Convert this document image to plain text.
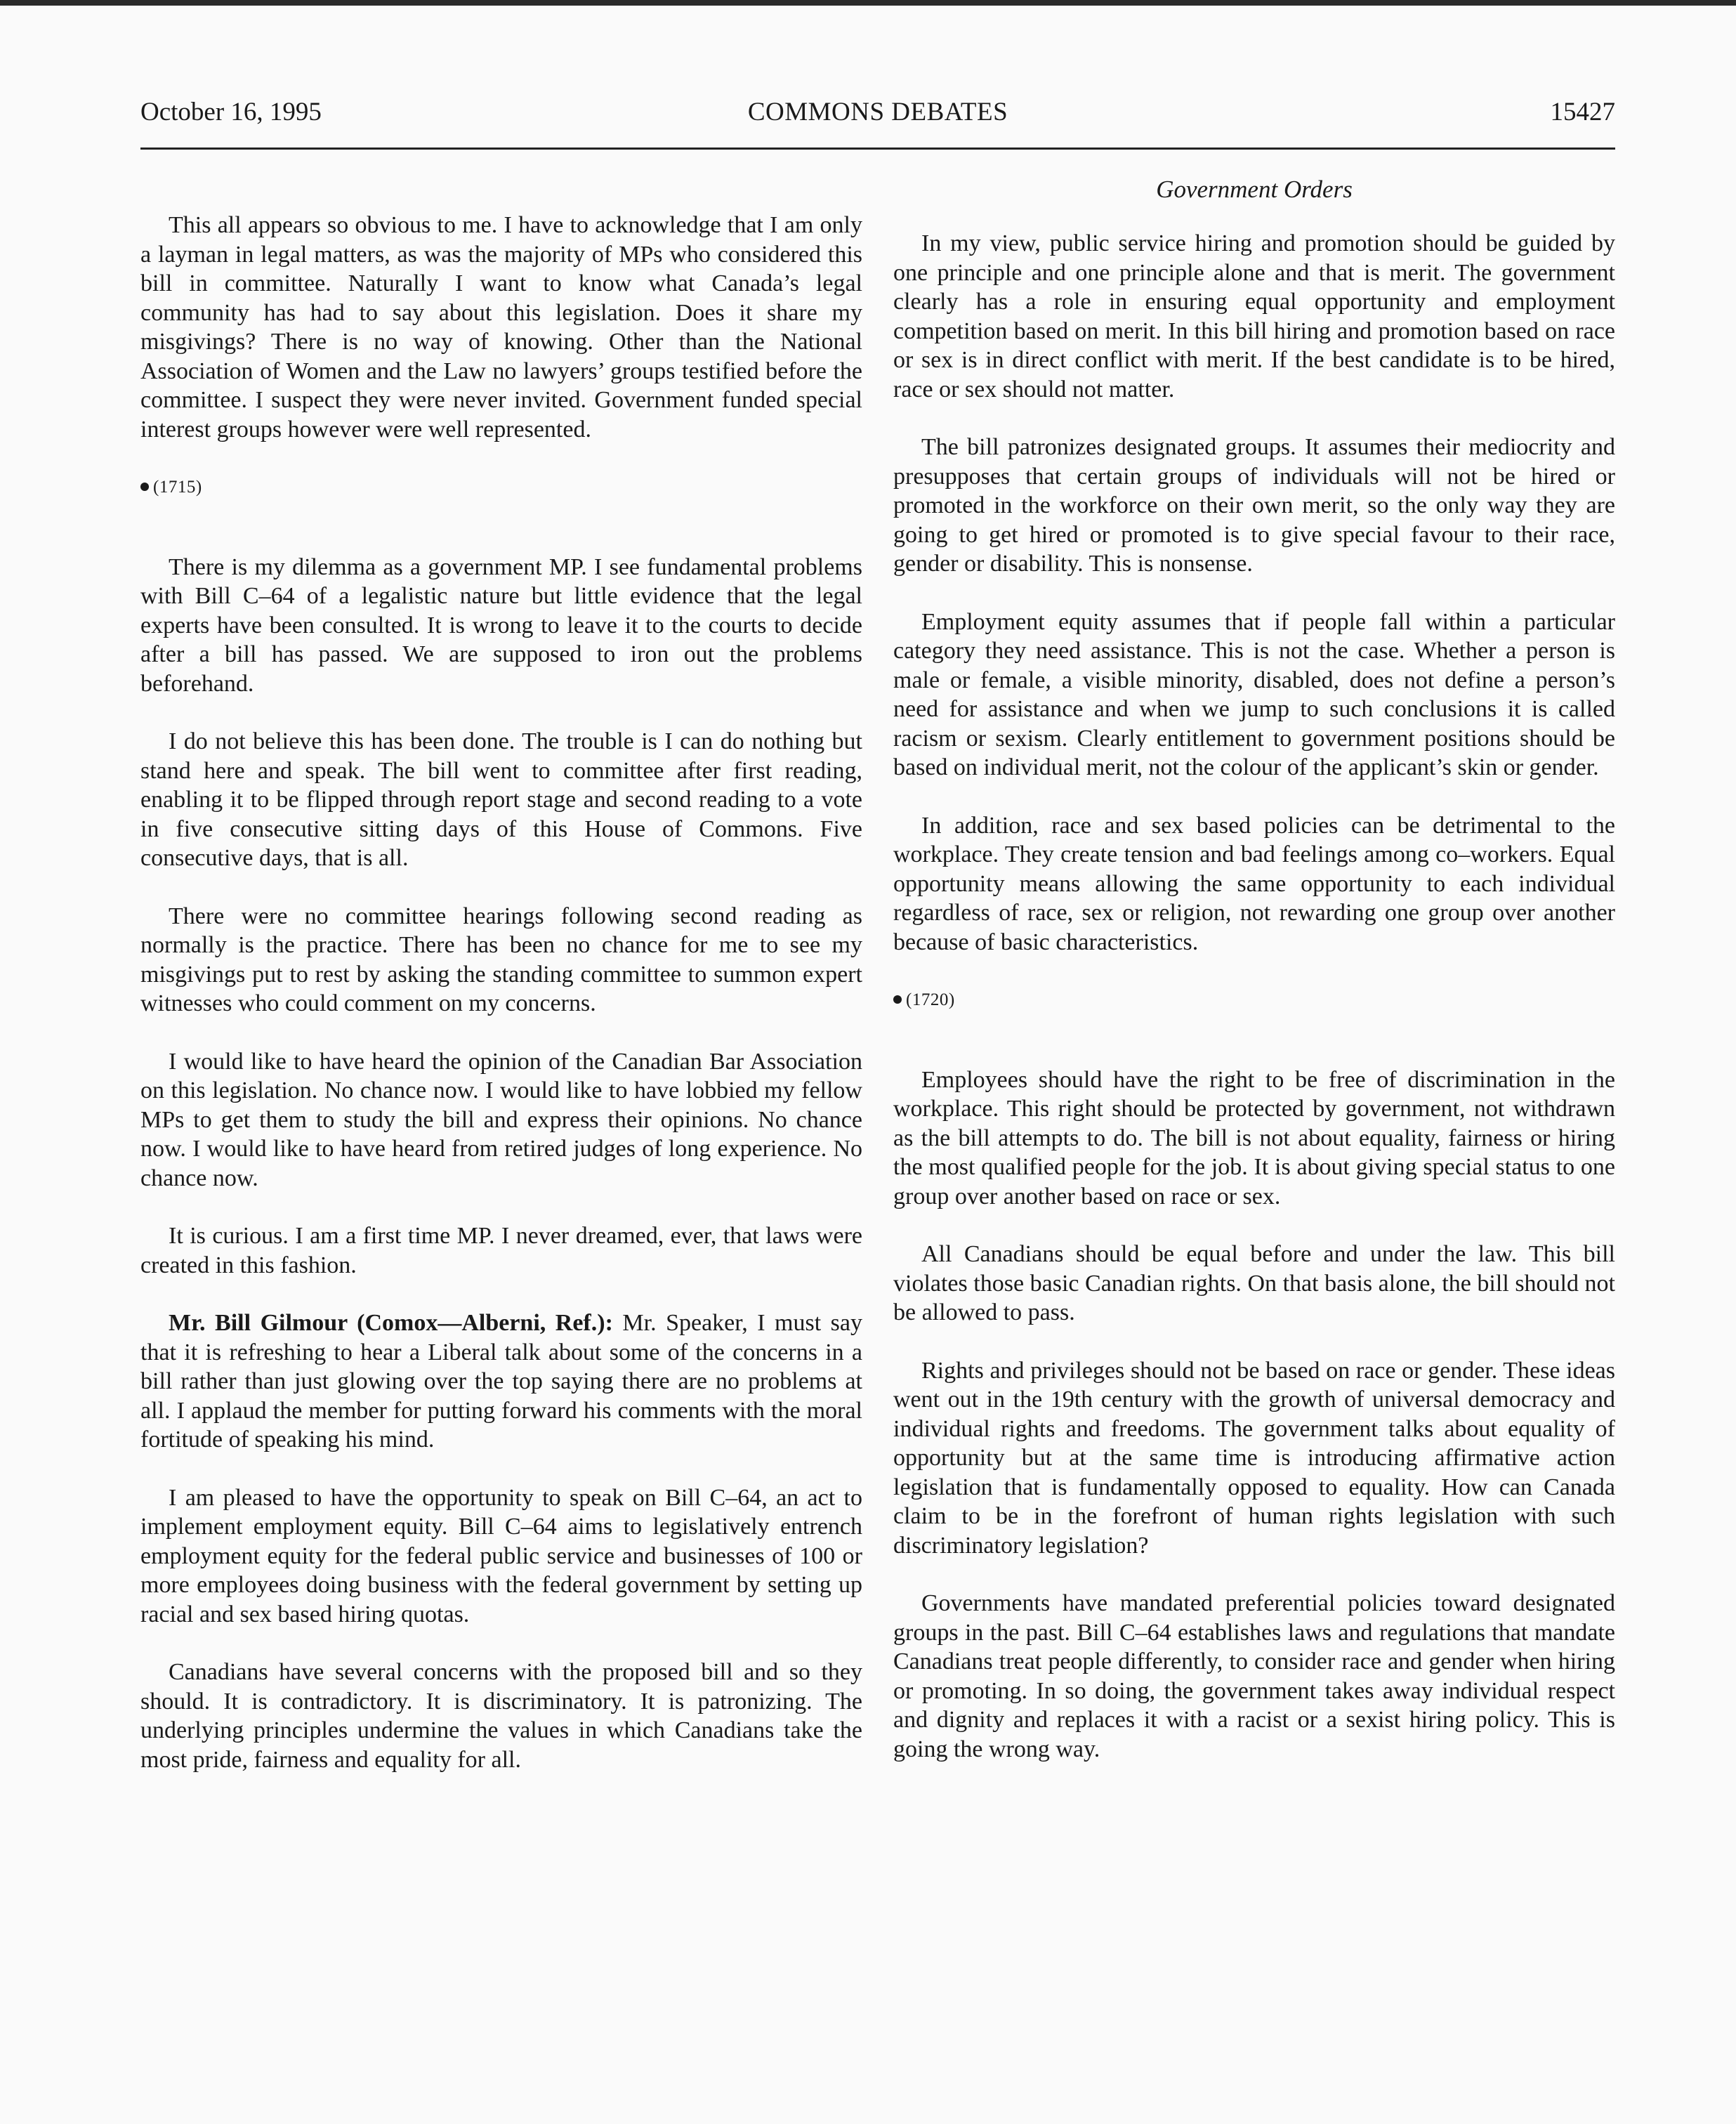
COMMONS DEBATES
October 16, 1995	15427
Government Orders

This all appears so obvious to me. I have to acknowledge that I am only a layman in legal matters, as was the majority of MPs who considered this bill in committee. Naturally I want to know what Canada’s legal community has had to say about this legislation. Does it share my misgivings? There is no way of knowing. Other than the National Association of Women and the Law no lawyers’ groups testified before the committee. I suspect they were never invited. Government funded special interest groups however were well represented.

(1715)

There is my dilemma as a government MP. I see fundamental problems with Bill C–64 of a legalistic nature but little evidence that the legal experts have been consulted. It is wrong to leave it to the courts to decide after a bill has passed. We are supposed to iron out the problems beforehand.

I do not believe this has been done. The trouble is I can do nothing but stand here and speak. The bill went to committee after first reading, enabling it to be flipped through report stage and second reading to a vote in five consecutive sitting days of this House of Commons. Five consecutive days, that is all.

There were no committee hearings following second reading as normally is the practice. There has been no chance for me to see my misgivings put to rest by asking the standing committee to summon expert witnesses who could comment on my concerns.

I would like to have heard the opinion of the Canadian Bar Association on this legislation. No chance now. I would like to have lobbied my fellow MPs to get them to study the bill and express their opinions. No chance now. I would like to have heard from retired judges of long experience. No chance now.

It is curious. I am a first time MP. I never dreamed, ever, that laws were created in this fashion.

Mr. Bill Gilmour (Comox—Alberni, Ref.): Mr. Speaker, I must say that it is refreshing to hear a Liberal talk about some of the concerns in a bill rather than just glowing over the top saying there are no problems at all. I applaud the member for putting forward his comments with the moral fortitude of speaking his mind.

I am pleased to have the opportunity to speak on Bill C–64, an act to implement employment equity. Bill C–64 aims to legislatively entrench employment equity for the federal public service and businesses of 100 or more employees doing business with the federal government by setting up racial and sex based hiring quotas.

Canadians have several concerns with the proposed bill and so they should. It is contradictory. It is discriminatory. It is patronizing. The underlying principles undermine the values in which Canadians take the most pride, fairness and equality for all.

In my view, public service hiring and promotion should be guided by one principle and one principle alone and that is merit. The government clearly has a role in ensuring equal opportunity and employment competition based on merit. In this bill hiring and promotion based on race or sex is in direct conflict with merit. If the best candidate is to be hired, race or sex should not matter.

The bill patronizes designated groups. It assumes their mediocrity and presupposes that certain groups of individuals will not be hired or promoted in the workforce on their own merit, so the only way they are going to get hired or promoted is to give special favour to their race, gender or disability. This is nonsense.

Employment equity assumes that if people fall within a particular category they need assistance. This is not the case. Whether a person is male or female, a visible minority, disabled, does not define a person’s need for assistance and when we jump to such conclusions it is called racism or sexism. Clearly entitlement to government positions should be based on individual merit, not the colour of the applicant’s skin or gender.

In addition, race and sex based policies can be detrimental to the workplace. They create tension and bad feelings among co–workers. Equal opportunity means allowing the same opportunity to each individual regardless of race, sex or religion, not rewarding one group over another because of basic characteristics.

(1720)

Employees should have the right to be free of discrimination in the workplace. This right should be protected by government, not withdrawn as the bill attempts to do. The bill is not about equality, fairness or hiring the most qualified people for the job. It is about giving special status to one group over another based on race or sex.

All Canadians should be equal before and under the law. This bill violates those basic Canadian rights. On that basis alone, the bill should not be allowed to pass.

Rights and privileges should not be based on race or gender. These ideas went out in the 19th century with the growth of universal democracy and individual rights and freedoms. The government talks about equality of opportunity but at the same time is introducing affirmative action legislation that is fundamentally opposed to equality. How can Canada claim to be in the forefront of human rights legislation with such discriminatory legislation?

Governments have mandated preferential policies toward designated groups in the past. Bill C–64 establishes laws and regulations that mandate Canadians treat people differently, to consider race and gender when hiring or promoting. In so doing, the government takes away individual respect and dignity and replaces it with a racist or a sexist hiring policy. This is going the wrong way.
